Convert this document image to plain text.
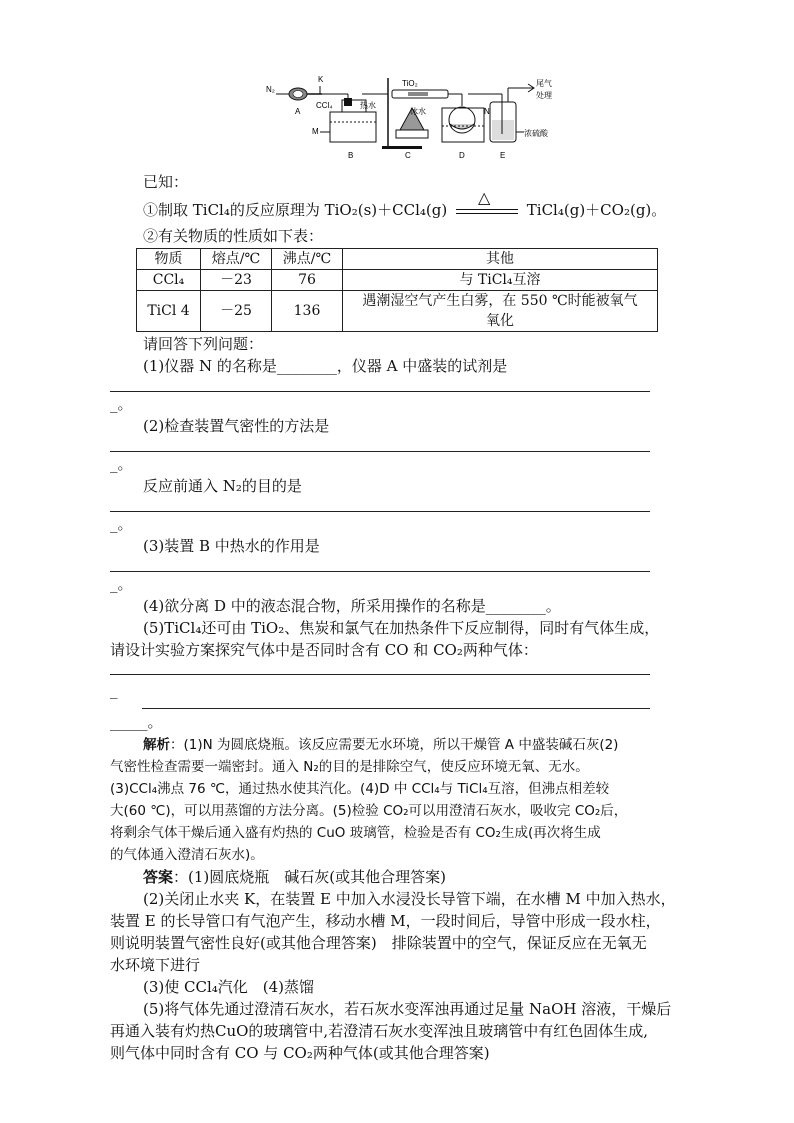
N₂
A
K
CCl₄	热水
M
B
TiO₂
C
冰水	N
D
尾气
处理
浓硫酸
E
已知：
①制取 TiCl₄的反应原理为 TiO₂(s)＋CCl₄(g)
△
TiCl₄(g)＋CO₂(g)。
②有关物质的性质如下表：
物质	熔点/℃	沸点/℃	其他
CCl₄	－23	76	与 TiCl₄互溶
TiCl 4	－25	136	遇潮湿空气产生白雾，在 550 ℃时能被氧气
氧化
请回答下列问题：
(1)仪器 N 的名称是________，仪器 A 中盛装的试剂是
_。
(2)检查装置气密性的方法是
_。
反应前通入 N₂的目的是
_。
(3)装置 B 中热水的作用是
_。
(4)欲分离 D 中的液态混合物，所采用操作的名称是________。
(5)TiCl₄还可由 TiO₂、焦炭和氯气在加热条件下反应制得，同时有气体生成，
请设计实验方案探究气体中是否同时含有 CO 和 CO₂两种气体：
_
_____。
解析：(1)N 为圆底烧瓶。该反应需要无水环境，所以干燥管 A 中盛装碱石灰(2)
气密性检查需要一端密封。通入 N₂的目的是排除空气，使反应环境无氧、无水。
(3)CCl₄沸点 76 ℃，通过热水使其汽化。(4)D 中 CCl₄与 TiCl₄互溶，但沸点相差较
大(60 ℃)，可以用蒸馏的方法分离。(5)检验 CO₂可以用澄清石灰水，吸收完 CO₂后，
将剩余气体干燥后通入盛有灼热的 CuO 玻璃管，检验是否有 CO₂生成(再次将生成
的气体通入澄清石灰水)。
答案：(1)圆底烧瓶　碱石灰(或其他合理答案)
(2)关闭止水夹 K，在装置 E 中加入水浸没长导管下端，在水槽 M 中加入热水，
装置 E 的长导管口有气泡产生，移动水槽 M，一段时间后，导管中形成一段水柱，
则说明装置气密性良好(或其他合理答案)　排除装置中的空气，保证反应在无氧无
水环境下进行
(3)使 CCl₄汽化　(4)蒸馏
(5)将气体先通过澄清石灰水，若石灰水变浑浊再通过足量 NaOH 溶液，干燥后
再通入装有灼热CuO的玻璃管中,若澄清石灰水变浑浊且玻璃管中有红色固体生成,
则气体中同时含有 CO 与 CO₂两种气体(或其他合理答案)
